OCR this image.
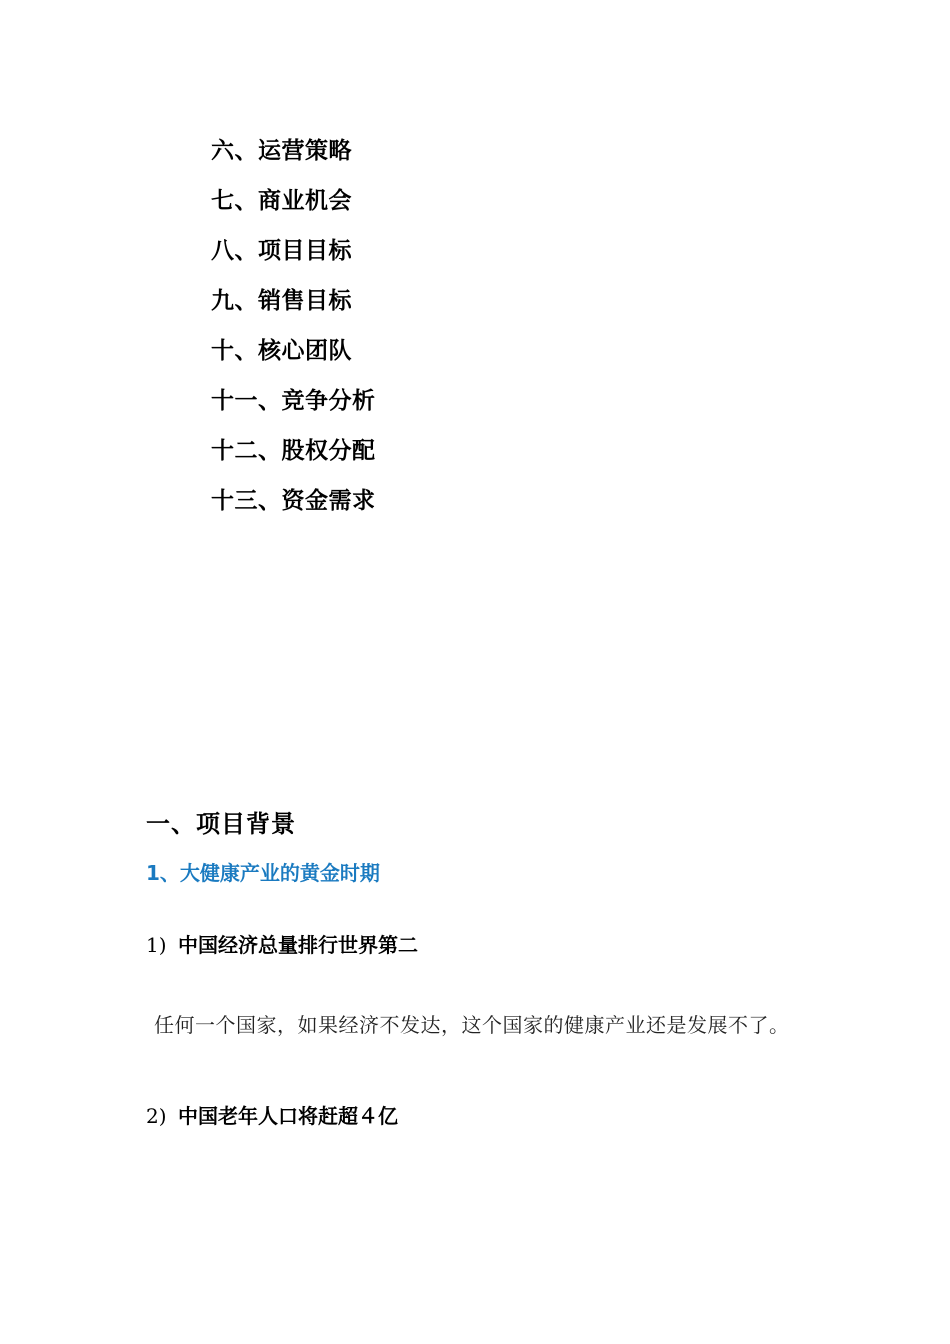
六、运营策略
七、商业机会
八、项目目标
九、销售目标
十、核心团队
十一、竞争分析
十二、股权分配
十三、资金需求
一、项目背景
1、大健康产业的黄金时期
1) 中国经济总量排行世界第二

任何一个国家，如果经济不发达，这个国家的健康产业还是发展不了。

2) 中国老年人口将赶超４亿
